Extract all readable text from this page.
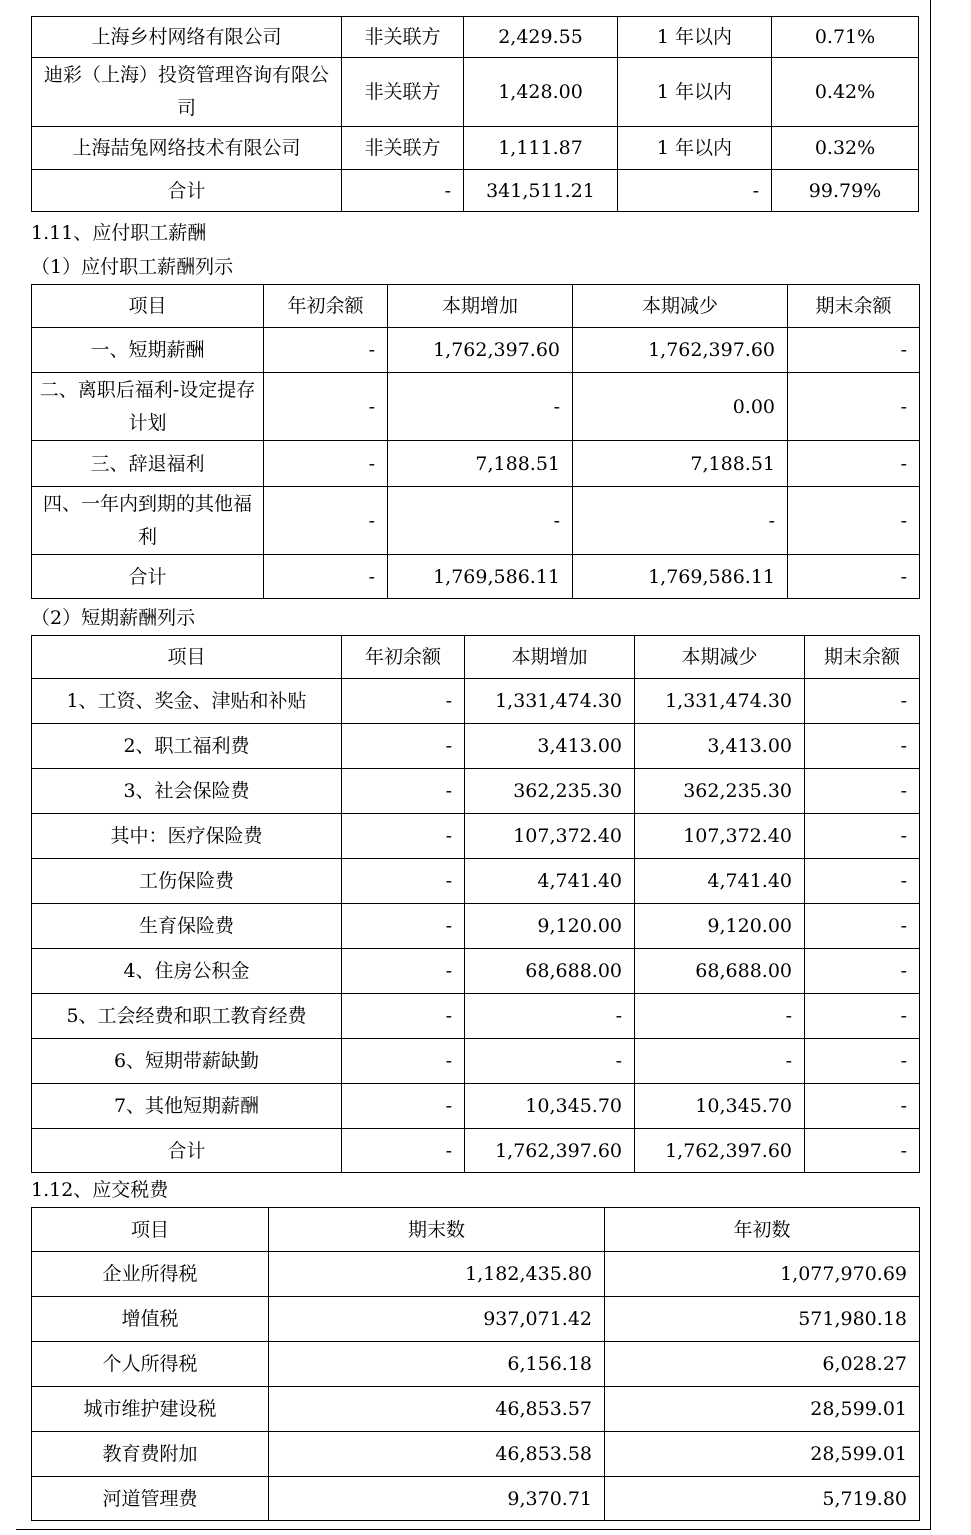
上海乡村网络有限公司	非关联方	2,429.55	1 年以内	0.71%
迪彩（上海）投资管理咨询有限公司	非关联方	1,428.00	1 年以内	0.42%
上海喆兔网络技术有限公司	非关联方	1,111.87	1 年以内	0.32%
合计	-	341,511.21	-	99.79%
1.11、应付职工薪酬
（1）应付职工薪酬列示
项目	年初余额	本期增加	本期减少	期末余额
一、短期薪酬	-	1,762,397.60	1,762,397.60	-
二、离职后福利-设定提存计划	-	-	0.00	-
三、辞退福利	-	7,188.51	7,188.51	-
四、一年内到期的其他福利	-	-	-	-
合计	-	1,769,586.11	1,769,586.11	-
（2）短期薪酬列示
项目	年初余额	本期增加	本期减少	期末余额
1、工资、奖金、津贴和补贴	-	1,331,474.30	1,331,474.30	-
2、职工福利费	-	3,413.00	3,413.00	-
3、社会保险费	-	362,235.30	362,235.30	-
其中：医疗保险费	-	107,372.40	107,372.40	-
工伤保险费	-	4,741.40	4,741.40	-
生育保险费	-	9,120.00	9,120.00	-
4、住房公积金	-	68,688.00	68,688.00	-
5、工会经费和职工教育经费	-	-	-	-
6、短期带薪缺勤	-	-	-	-
7、其他短期薪酬	-	10,345.70	10,345.70	-
合计	-	1,762,397.60	1,762,397.60	-
1.12、应交税费
项目	期末数	年初数
企业所得税	1,182,435.80	1,077,970.69
增值税	937,071.42	571,980.18
个人所得税	6,156.18	6,028.27
城市维护建设税	46,853.57	28,599.01
教育费附加	46,853.58	28,599.01
河道管理费	9,370.71	5,719.80
